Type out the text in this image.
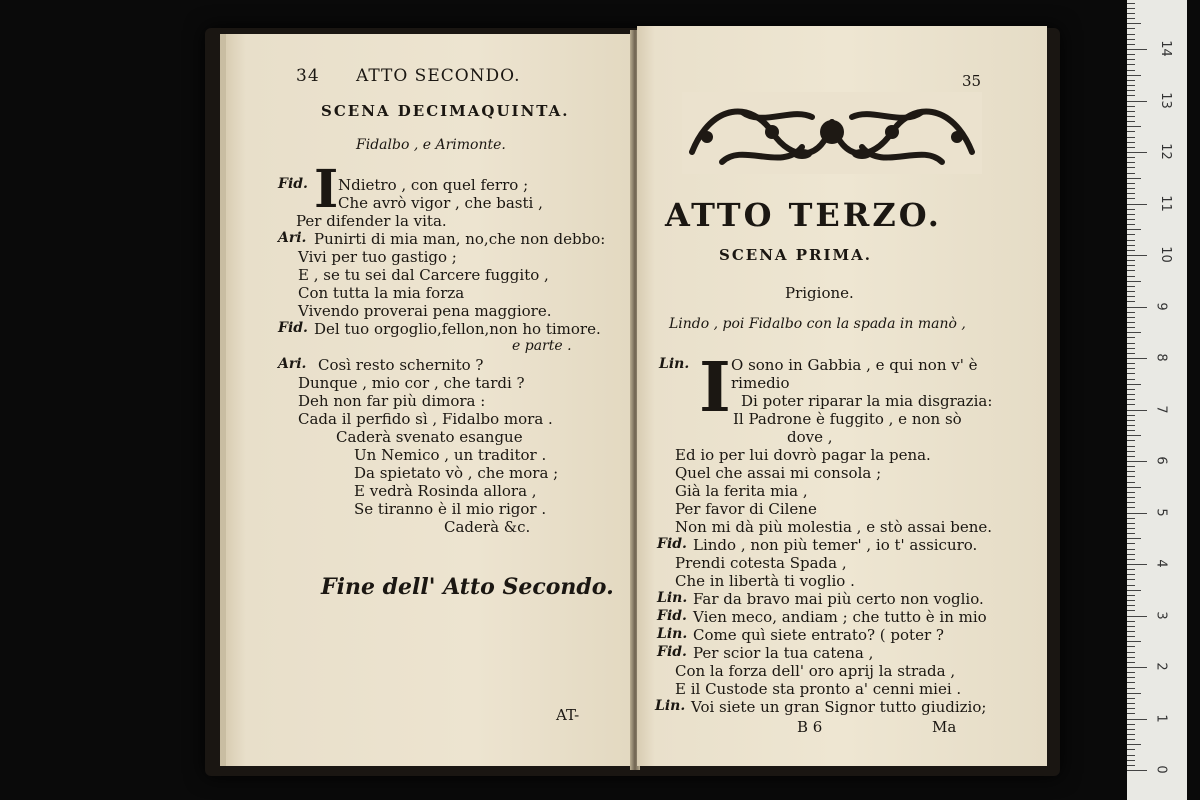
34 ATTO SECONDO.
SCENA DECIMAQUINTA.
Fidalbo , e Arimonte.
Fid. I Ndietro , con quel ferro ;
Che avrò vigor , che basti ,
Per difender la vita.
Ari. Punirti di mia man, no,che non debbo:
Vivi per tuo gastigo ;
E , se tu sei dal Carcere fuggito ,
Con tutta la mia forza
Vivendo proverai pena maggiore.
Fid. Del tuo orgoglio,fellon,non ho timore.
e parte .
Ari. Così resto schernito ?
Dunque , mio cor , che tardi ?
Deh non far più dimora :
Cada il perfido sì , Fidalbo mora .
Caderà svenato esangue
Un Nemico , un traditor .
Da spietato vò , che mora ;
E vedrà Rosinda allora ,
Se tiranno è il mio rigor .
Caderà &c.
Fine dell' Atto Secondo.
AT-
35
ATTO TERZO.
SCENA PRIMA.
Prigione.
Lindo , poi Fidalbo con la spada in manò ,
Lin. I O sono in Gabbia , e qui non v' è
rimedio
Di poter riparar la mia disgrazia:
Il Padrone è fuggito , e non sò
dove ,
Ed io per lui dovrò pagar la pena.
Quel che assai mi consola ;
Già la ferita mia ,
Per favor di Cilene
Non mi dà più molestia , e stò assai bene.
Fid. Lindo , non più temer' , io t' assicuro.
Prendi cotesta Spada ,
Che in libertà ti voglio .
Lin. Far da bravo mai più certo non voglio.
Fid. Vien meco, andiam ; che tutto è in mio
Lin. Come quì siete entrato? ( poter ?
Fid. Per scior la tua catena ,
Con la forza dell' oro aprij la strada ,
E il Custode sta pronto a' cenni miei .
Lin. Voi siete un gran Signor tutto giudizio;
B 6	Ma
0
1
2
3
4
5
6
7
8
9
10
11
12
13
14
